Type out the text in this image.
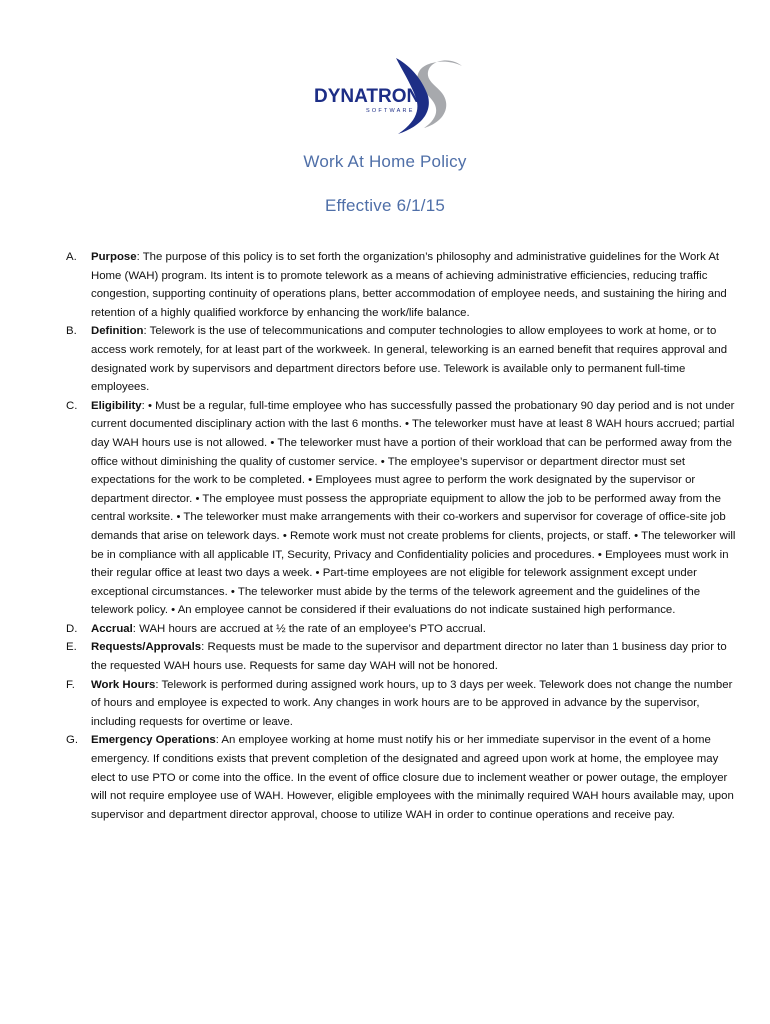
DYNATRON
SOFTWARE
Work At Home Policy
Effective 6/1/15
A. Purpose: The purpose of this policy is to set forth the organization’s philosophy and administrative guidelines for the Work At Home (WAH) program. Its intent is to promote telework as a means of achieving administrative efficiencies, reducing traffic congestion, supporting continuity of operations plans, better accommodation of employee needs, and sustaining the hiring and retention of a highly qualified workforce by enhancing the work/life balance.
B. Definition: Telework is the use of telecommunications and computer technologies to allow employees to work at home, or to access work remotely, for at least part of the workweek. In general, teleworking is an earned benefit that requires approval and designated work by supervisors and department directors before use. Telework is available only to permanent full-time employees.
C. Eligibility: • Must be a regular, full-time employee who has successfully passed the probationary 90 day period and is not under current documented disciplinary action with the last 6 months. • The teleworker must have at least 8 WAH hours accrued; partial day WAH hours use is not allowed. • The teleworker must have a portion of their workload that can be performed away from the office without diminishing the quality of customer service. • The employee’s supervisor or department director must set expectations for the work to be completed. • Employees must agree to perform the work designated by the supervisor or department director. • The employee must possess the appropriate equipment to allow the job to be performed away from the central worksite. • The teleworker must make arrangements with their co-workers and supervisor for coverage of office-site job demands that arise on telework days. • Remote work must not create problems for clients, projects, or staff. • The teleworker will be in compliance with all applicable IT, Security, Privacy and Confidentiality policies and procedures. • Employees must work in their regular office at least two days a week. • Part-time employees are not eligible for telework assignment except under exceptional circumstances. • The teleworker must abide by the terms of the telework agreement and the guidelines of the telework policy. • An employee cannot be considered if their evaluations do not indicate sustained high performance.
D. Accrual: WAH hours are accrued at ½ the rate of an employee’s PTO accrual.
E. Requests/Approvals: Requests must be made to the supervisor and department director no later than 1 business day prior to the requested WAH hours use. Requests for same day WAH will not be honored.
F. Work Hours: Telework is performed during assigned work hours, up to 3 days per week. Telework does not change the number of hours and employee is expected to work. Any changes in work hours are to be approved in advance by the supervisor, including requests for overtime or leave.
G. Emergency Operations: An employee working at home must notify his or her immediate supervisor in the event of a home emergency. If conditions exists that prevent completion of the designated and agreed upon work at home, the employee may elect to use PTO or come into the office. In the event of office closure due to inclement weather or power outage, the employer will not require employee use of WAH. However, eligible employees with the minimally required WAH hours available may, upon supervisor and department director approval, choose to utilize WAH in order to continue operations and receive pay.
